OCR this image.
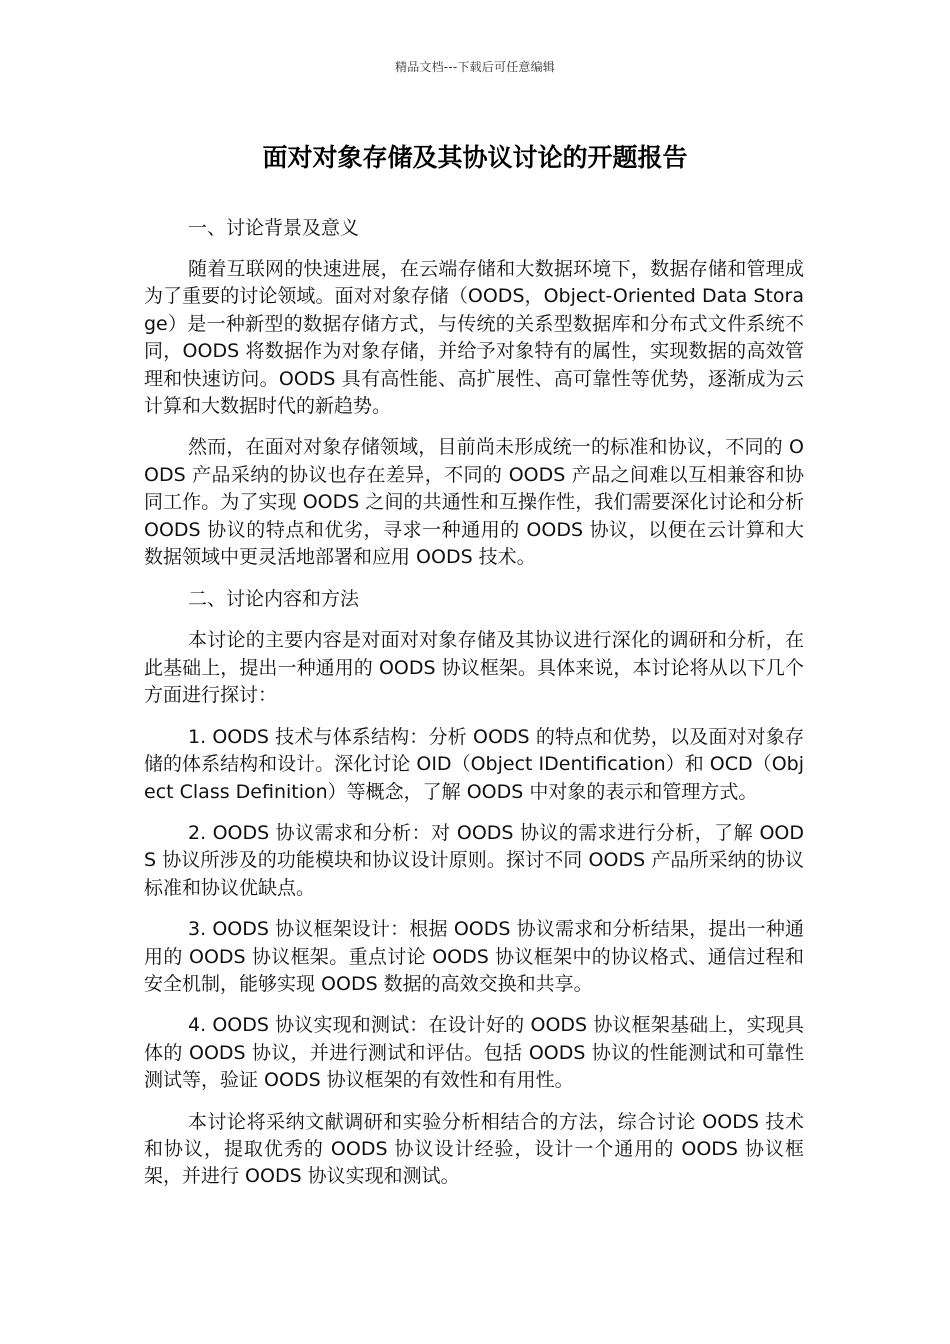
精品文档---下载后可任意编辑
面对对象存储及其协议讨论的开题报告
一、讨论背景及意义

随着互联网的快速进展，在云端存储和大数据环境下，数据存储和管理成为了重要的讨论领域。面对对象存储（OODS，Object-Oriented Data Storage）是一种新型的数据存储方式，与传统的关系型数据库和分布式文件系统不同，OODS 将数据作为对象存储，并给予对象特有的属性，实现数据的高效管理和快速访问。OODS 具有高性能、高扩展性、高可靠性等优势，逐渐成为云计算和大数据时代的新趋势。

然而，在面对对象存储领域，目前尚未形成统一的标准和协议，不同的 OODS 产品采纳的协议也存在差异，不同的 OODS 产品之间难以互相兼容和协同工作。为了实现 OODS 之间的共通性和互操作性，我们需要深化讨论和分析 OODS 协议的特点和优劣，寻求一种通用的 OODS 协议，以便在云计算和大数据领域中更灵活地部署和应用 OODS 技术。

二、讨论内容和方法

本讨论的主要内容是对面对对象存储及其协议进行深化的调研和分析，在此基础上，提出一种通用的 OODS 协议框架。具体来说，本讨论将从以下几个方面进行探讨：

1. OODS 技术与体系结构：分析 OODS 的特点和优势，以及面对对象存储的体系结构和设计。深化讨论 OID（Object IDentification）和 OCD（Object Class Definition）等概念，了解 OODS 中对象的表示和管理方式。

2. OODS 协议需求和分析：对 OODS 协议的需求进行分析，了解 OODS 协议所涉及的功能模块和协议设计原则。探讨不同 OODS 产品所采纳的协议标准和协议优缺点。

3. OODS 协议框架设计：根据 OODS 协议需求和分析结果，提出一种通用的 OODS 协议框架。重点讨论 OODS 协议框架中的协议格式、通信过程和安全机制，能够实现 OODS 数据的高效交换和共享。

4. OODS 协议实现和测试：在设计好的 OODS 协议框架基础上，实现具体的 OODS 协议，并进行测试和评估。包括 OODS 协议的性能测试和可靠性测试等，验证 OODS 协议框架的有效性和有用性。

本讨论将采纳文献调研和实验分析相结合的方法，综合讨论 OODS 技术和协议，提取优秀的 OODS 协议设计经验，设计一个通用的 OODS 协议框架，并进行 OODS 协议实现和测试。
